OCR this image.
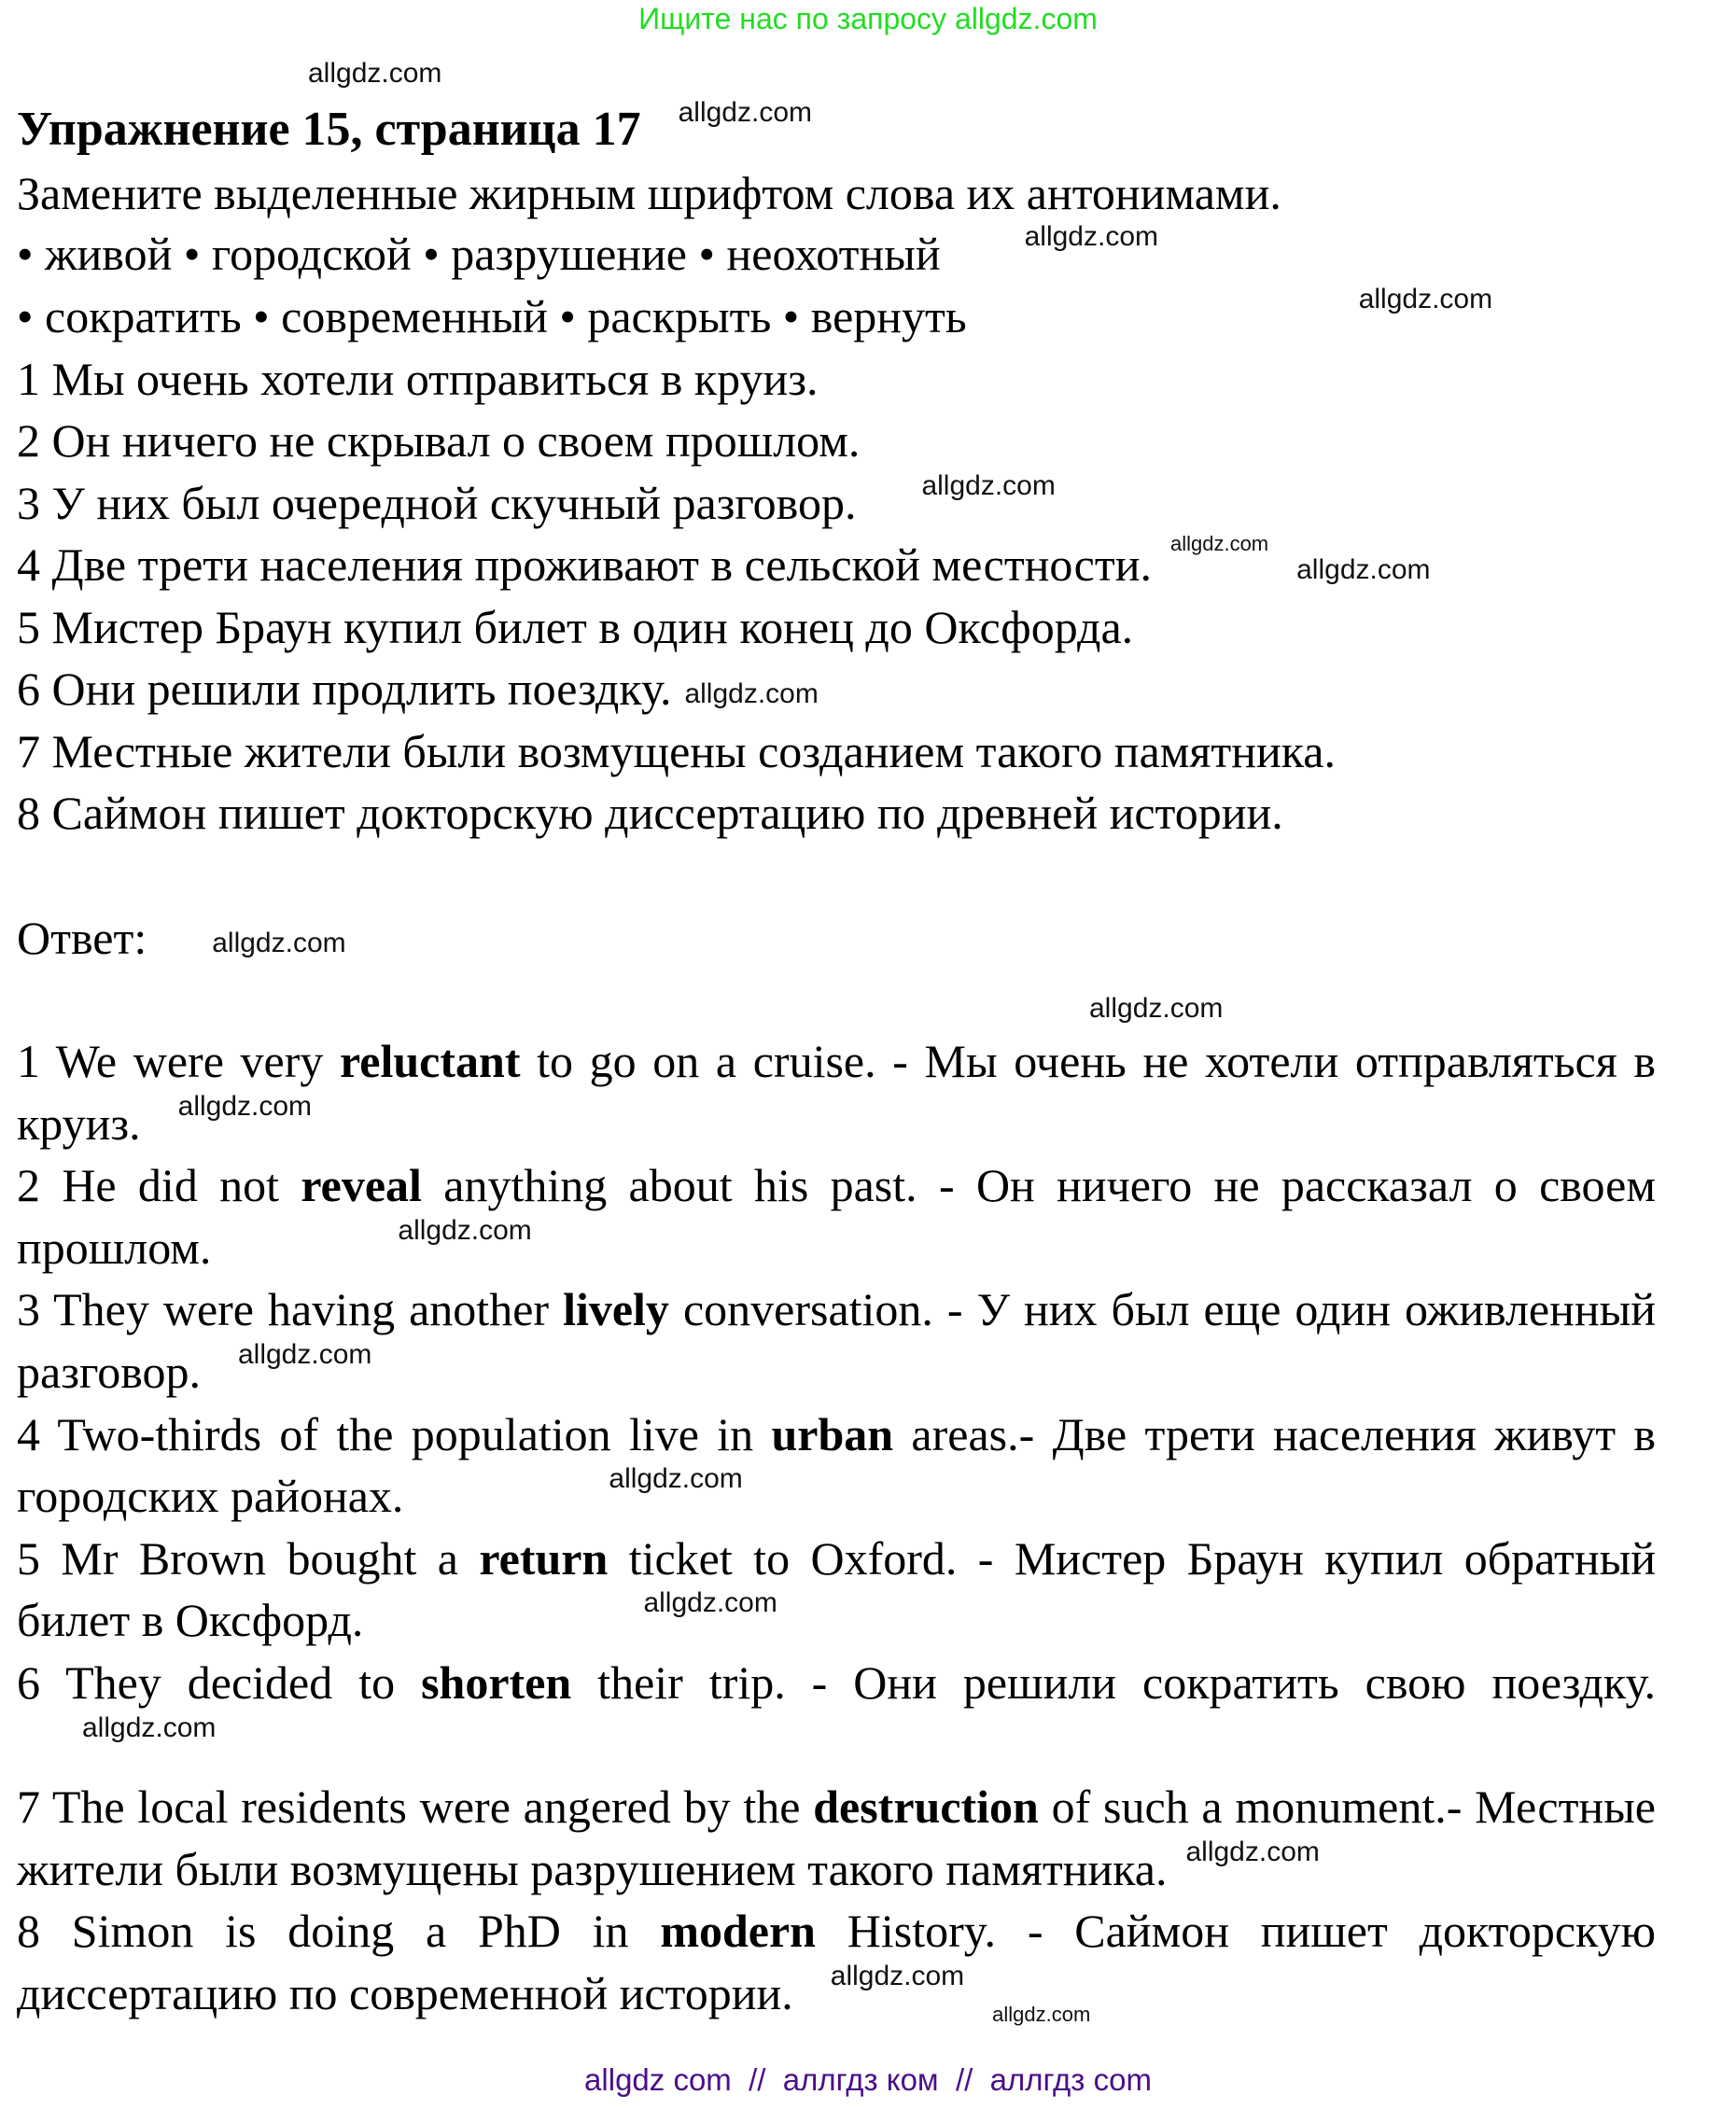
Ищите нас по запросу allgdz.com
allgdz.com
Упражнение 15, страница 17 allgdz.com
Замените выделенные жирным шрифтом слова их антонимами.
• живой • городской • разрушение • неохотный	allgdz.com
• сократить • современный • раскрыть • вернуть	allgdz.com
1 Мы очень хотели отправиться в круиз.
2 Он ничего не скрывал о своем прошлом.
3 У них был очередной скучный разговор. allgdz.com
4 Две трети населения проживают в сельской местности. allgdz.comallgdz.com
5 Мистер Браун купил билет в один конец до Оксфорда.
6 Они решили продлить поездку. allgdz.com
7 Местные жители были возмущены созданием такого памятника.
8 Саймон пишет докторскую диссертацию по древней истории.
Ответ: allgdz.com
allgdz.com

1 We were very reluctant to go on a cruise. - Мы очень не хотели отправляться в круиз. allgdz.com

2 He did not reveal anything about his past. - Он ничего не рассказал о своем прошлом.	allgdz.com

3 They were having another lively conversation. - У них был еще один оживленный разговор. allgdz.com

4 Two-thirds of the population live in urban areas.- Две трети населения живут в городских районах.	allgdz.com

5 Mr Brown bought a return ticket to Oxford. - Мистер Браун купил обратный билет в Оксфорд.	allgdz.com

6 They decided to shorten their trip. - Они решили сократить свою поездку.allgdz.com

7 The local residents were angered by the destruction of such a monument.- Местные жители были возмущены разрушением такого памятника. allgdz.com

8 Simon is doing a PhD in modern History. - Саймон пишет докторскую диссертацию по современной истории. allgdz.comallgdz.com

allgdz com  //  аллгдз ком  //  аллгдз com
